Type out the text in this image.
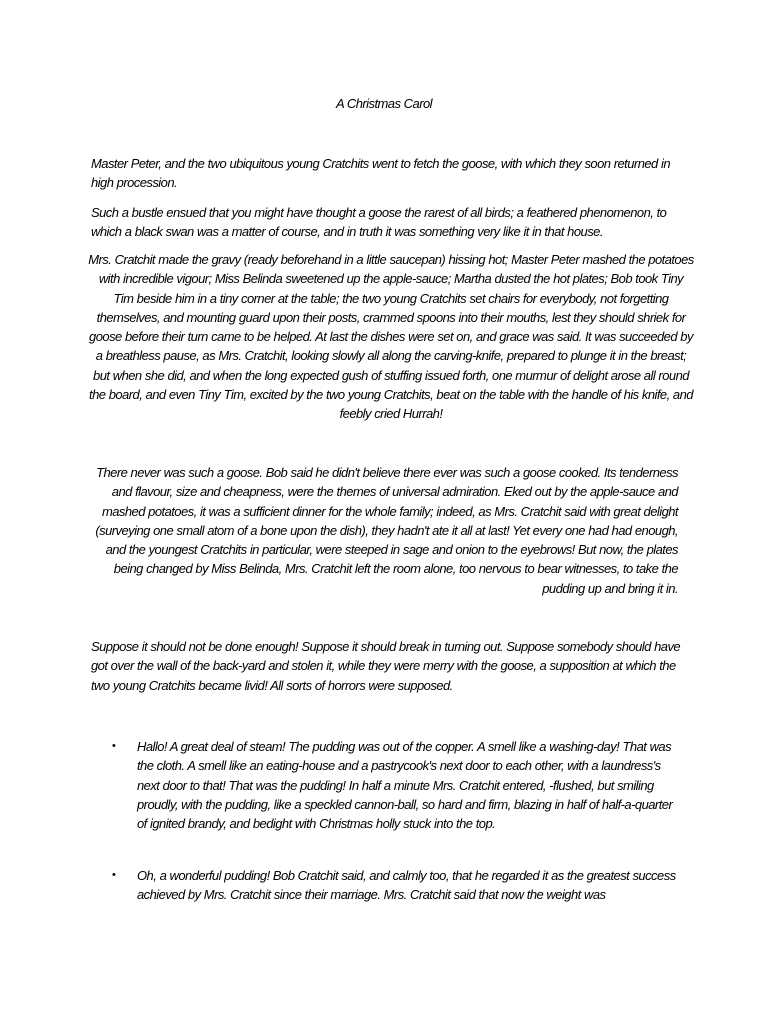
A Christmas Carol

Master Peter, and the two ubiquitous young Cratchits went to fetch the goose, with which they soon returned in high procession.

Such a bustle ensued that you might have thought a goose the rarest of all birds; a feathered phenomenon, to which a black swan was a matter of course, and in truth it was something very like it in that house.

Mrs. Cratchit made the gravy (ready beforehand in a little saucepan) hissing hot; Master Peter mashed the potatoes with incredible vigour; Miss Belinda sweetened up the apple-sauce; Martha dusted the hot plates; Bob took Tiny Tim beside him in a tiny corner at the table; the two young Cratchits set chairs for everybody, not forgetting themselves, and mounting guard upon their posts, crammed spoons into their mouths, lest they should shriek for goose before their turn came to be helped. At last the dishes were set on, and grace was said. It was succeeded by a breathless pause, as Mrs. Cratchit, looking slowly all along the carving-knife, prepared to plunge it in the breast; but when she did, and when the long expected gush of stuffing issued forth, one murmur of delight arose all round the board, and even Tiny Tim, excited by the two young Cratchits, beat on the table with the handle of his knife, and feebly cried Hurrah!

There never was such a goose. Bob said he didn't believe there ever was such a goose cooked. Its tenderness and flavour, size and cheapness, were the themes of universal admiration. Eked out by the apple-sauce and mashed potatoes, it was a sufficient dinner for the whole family; indeed, as Mrs. Cratchit said with great delight (surveying one small atom of a bone upon the dish), they hadn't ate it all at last! Yet every one had had enough, and the youngest Cratchits in particular, were steeped in sage and onion to the eyebrows! But now, the plates being changed by Miss Belinda, Mrs. Cratchit left the room alone, too nervous to bear witnesses, to take the pudding up and bring it in.

Suppose it should not be done enough! Suppose it should break in turning out. Suppose somebody should have got over the wall of the back-yard and stolen it, while they were merry with the goose, a supposition at which the two young Cratchits became livid! All sorts of horrors were supposed.

• Hallo! A great deal of steam! The pudding was out of the copper. A smell like a washing-day! That was the cloth. A smell like an eating-house and a pastrycook's next door to each other, with a laundress's next door to that! That was the pudding! In half a minute Mrs. Cratchit entered, -flushed, but smiling proudly, with the pudding, like a speckled cannon-ball, so hard and firm, blazing in half of half-a-quarter of ignited brandy, and bedight with Christmas holly stuck into the top.
• Oh, a wonderful pudding! Bob Cratchit said, and calmly too, that he regarded it as the greatest success achieved by Mrs. Cratchit since their marriage. Mrs. Cratchit said that now the weight was
